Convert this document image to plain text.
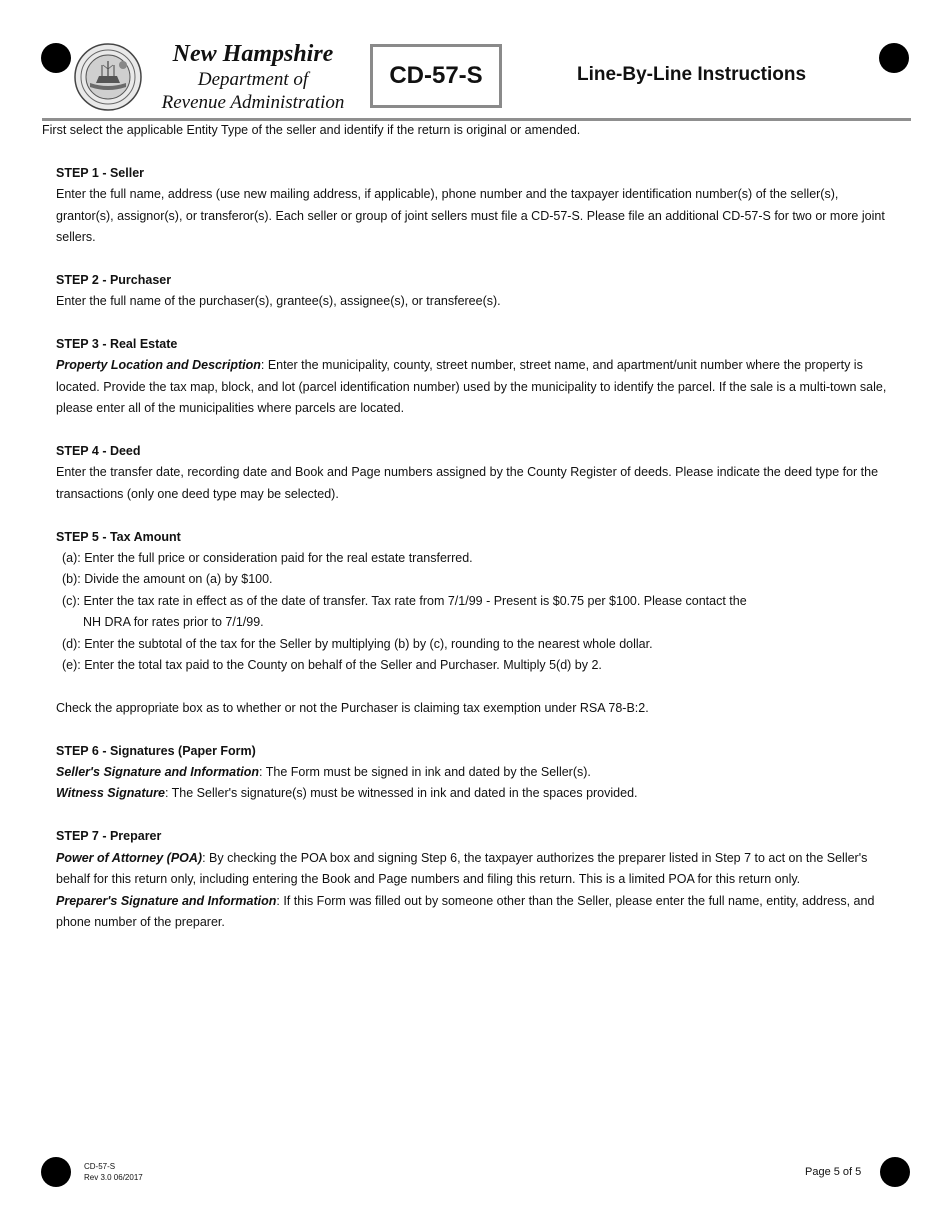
New Hampshire
Department of
Revenue Administration
CD-57-S	Line-By-Line Instructions

First select the applicable Entity Type of the seller and identify if the return is original or amended.

STEP 1 - Seller

Enter the full name, address (use new mailing address, if applicable), phone number and the taxpayer identification number(s) of the seller(s), grantor(s), assignor(s), or transferor(s). Each seller or group of joint sellers must file a CD-57-S. Please file an additional CD-57-S for two or more joint sellers.

STEP 2 - Purchaser

Enter the full name of the purchaser(s), grantee(s), assignee(s), or transferee(s).

STEP 3 - Real Estate

Property Location and Description: Enter the municipality, county, street number, street name, and apartment/unit number where the property is located. Provide the tax map, block, and lot (parcel identification number) used by the municipality to identify the parcel. If the sale is a multi-town sale, please enter all of the municipalities where parcels are located.

STEP 4 - Deed

Enter the transfer date, recording date and Book and Page numbers assigned by the County Register of deeds. Please indicate the deed type for the transactions (only one deed type may be selected).

STEP 5 - Tax Amount

(a): Enter the full price or consideration paid for the real estate transferred.

(b): Divide the amount on (a) by $100.

(c): Enter the tax rate in effect as of the date of transfer. Tax rate from 7/1/99 - Present is $0.75 per $100. Please contact the

NH DRA for rates prior to 7/1/99.

(d): Enter the subtotal of the tax for the Seller by multiplying (b) by (c), rounding to the nearest whole dollar.

(e): Enter the total tax paid to the County on behalf of the Seller and Purchaser. Multiply 5(d) by 2.

Check the appropriate box as to whether or not the Purchaser is claiming tax exemption under RSA 78-B:2.

STEP 6 - Signatures (Paper Form)

Seller's Signature and Information: The Form must be signed in ink and dated by the Seller(s).

Witness Signature: The Seller's signature(s) must be witnessed in ink and dated in the spaces provided.

STEP 7 - Preparer

Power of Attorney (POA): By checking the POA box and signing Step 6, the taxpayer authorizes the preparer listed in Step 7 to act on the Seller's behalf for this return only, including entering the Book and Page numbers and filing this return. This is a limited POA for this return only.

Preparer's Signature and Information: If this Form was filled out by someone other than the Seller, please enter the full name, entity, address, and phone number of the preparer.

CD-57-S
Rev 3.0 06/2017	Page 5 of 5
